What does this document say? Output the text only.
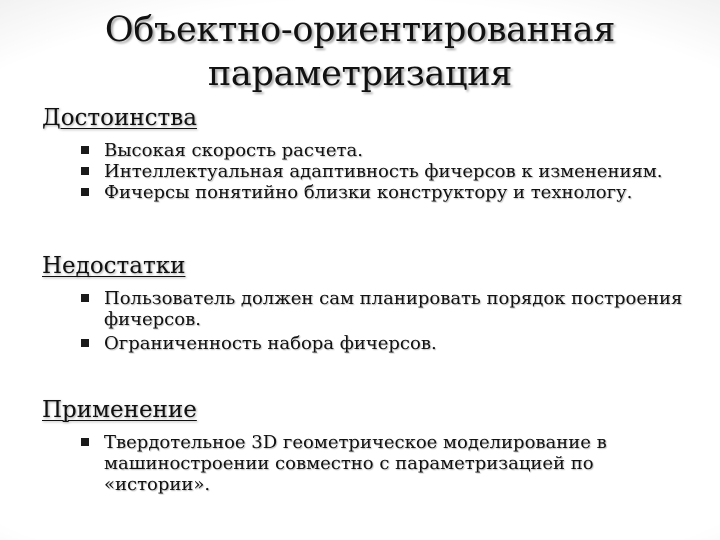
Объектно-ориентированная
параметризация
Достоинства
Высокая скорость расчета.
Интеллектуальная адаптивность фичерсов к изменениям.
Фичерсы понятийно близки конструктору и технологу.
Недостатки
Пользователь должен сам планировать порядок построения фичерсов.
Ограниченность набора фичерсов.
Применение
Твердотельное 3D геометрическое моделирование в машиностроении совместно с параметризацией по «истории».
